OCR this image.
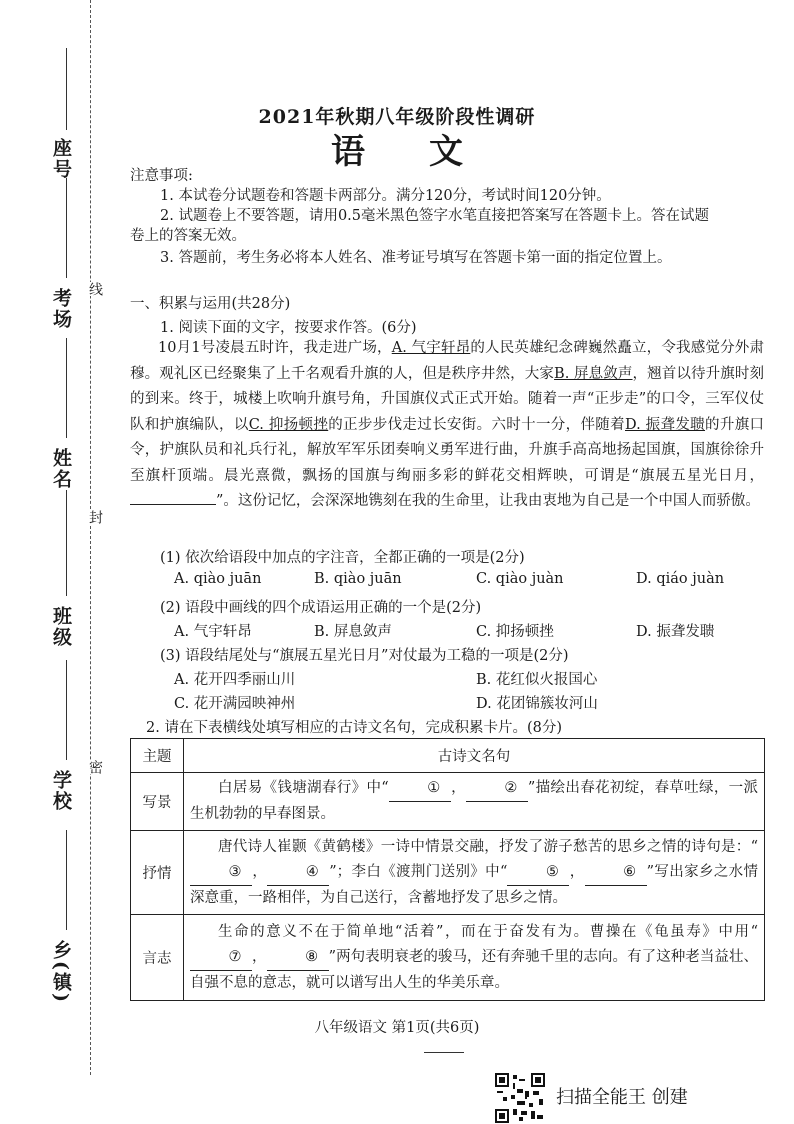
座号
考场
姓名
班级
学校
乡(镇)
线
封
密
2021年秋期八年级阶段性调研
语文
注意事项:
1. 本试卷分试题卷和答题卡两部分。满分120分，考试时间120分钟。
2. 试题卷上不要答题，请用0.5毫米黑色签字水笔直接把答案写在答题卡上。答在试题
卷上的答案无效。
3. 答题前，考生务必将本人姓名、准考证号填写在答题卡第一面的指定位置上。
一、积累与运用(共28分)
1. 阅读下面的文字，按要求作答。(6分)
10月1号凌晨五时许，我走进广场，A. 气宇轩昂的人民英雄纪念碑巍然矗立，令我感觉分外肃穆。观礼区已经聚集了上千名观看升旗的人，但是秩序井然，大家B. 屏息敛声，翘首以待升旗时刻的到来。终于，城楼上吹响升旗号角，升国旗仪式正式开始。随着一声“正步走”的口令，三军仪仗队和护旗编队，以C. 抑扬顿挫的正步步伐走过长安街。六时十一分，伴随着D. 振聋发聩的升旗口令，护旗队员和礼兵行礼，解放军军乐团奏响义勇军进行曲，升旗手高高地扬起国旗，国旗徐徐升至旗杆顶端。晨光熹微，飘扬的国旗与绚丽多彩的鲜花交相辉映，可谓是“旗展五星光日月，”。这份记忆，会深深地镌刻在我的生命里，让我由衷地为自己是一个中国人而骄傲。
(1) 依次给语段中加点的字注音，全都正确的一项是(2分)
A. qiào juān	B. qiào juān	C. qiào juàn	D. qiáo juàn
(2) 语段中画线的四个成语运用正确的一个是(2分)
A. 气宇轩昂	B. 屏息敛声	C. 抑扬顿挫	D. 振聋发聩
(3) 语段结尾处与“旗展五星光日月”对仗最为工稳的一项是(2分)
A. 花开四季丽山川	B. 花红似火报国心
C. 花开满园映神州	D. 花团锦簇妆河山
2. 请在下表横线处填写相应的古诗文名句，完成积累卡片。(8分)
主题	古诗文名句
写景	白居易《钱塘湖春行》中“ ① ， ② ”描绘出春花初绽，春草吐绿，一派生机勃勃的早春图景。
抒情	唐代诗人崔颢《黄鹤楼》一诗中情景交融，抒发了游子愁苦的思乡之情的诗句是：“③ ， ④ ”；李白《渡荆门送别》中“ ⑤ ， ⑥ ”写出家乡之水情深意重，一路相伴，为自己送行，含蓄地抒发了思乡之情。
言志	生命的意义不在于简单地“活着”，而在于奋发有为。曹操在《龟虽寿》中用“⑦ ， ⑧ ”两句表明衰老的骏马，还有奔驰千里的志向。有了这种老当益壮、自强不息的意志，就可以谱写出人生的华美乐章。
八年级语文 第1页(共6页)
扫描全能王 创建
